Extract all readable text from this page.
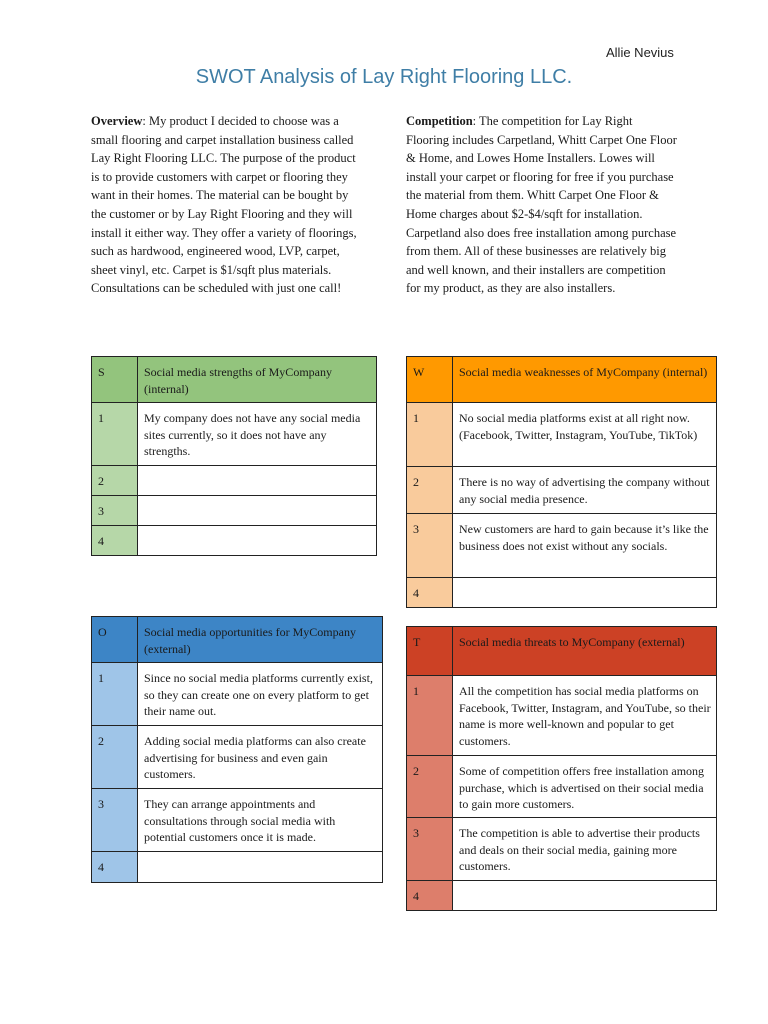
Allie Nevius
SWOT Analysis of Lay Right Flooring LLC.
Overview: My product I decided to choose was a small flooring and carpet installation business called Lay Right Flooring LLC. The purpose of the product is to provide customers with carpet or flooring they want in their homes. The material can be bought by the customer or by Lay Right Flooring and they will install it either way. They offer a variety of floorings, such as hardwood, engineered wood, LVP, carpet, sheet vinyl, etc. Carpet is $1/sqft plus materials. Consultations can be scheduled with just one call!
Competition: The competition for Lay Right Flooring includes Carpetland, Whitt Carpet One Floor & Home, and Lowes Home Installers. Lowes will install your carpet or flooring for free if you purchase the material from them. Whitt Carpet One Floor & Home charges about $2-$4/sqft for installation. Carpetland also does free installation among purchase from them. All of these businesses are relatively big and well known, and their installers are competition for my product, as they are also installers.
S	Social media strengths of MyCompany (internal)
1	My company does not have any social media sites currently, so it does not have any strengths.
2	
3	
4	
W	Social media weaknesses of MyCompany (internal)
1	No social media platforms exist at all right now. (Facebook, Twitter, Instagram, YouTube, TikTok)
2	There is no way of advertising the company without any social media presence.
3	New customers are hard to gain because it’s like the business does not exist without any socials.
4	
O	Social media opportunities for MyCompany (external)
1	Since no social media platforms currently exist, so they can create one on every platform to get their name out.
2	Adding social media platforms can also create advertising for business and even gain customers.
3	They can arrange appointments and consultations through social media with potential customers once it is made.
4	
T	Social media threats to MyCompany (external)
1	All the competition has social media platforms on Facebook, Twitter, Instagram, and YouTube, so their name is more well-known and popular to get customers.
2	Some of competition offers free installation among purchase, which is advertised on their social media to gain more customers.
3	The competition is able to advertise their products and deals on their social media, gaining more customers.
4	
